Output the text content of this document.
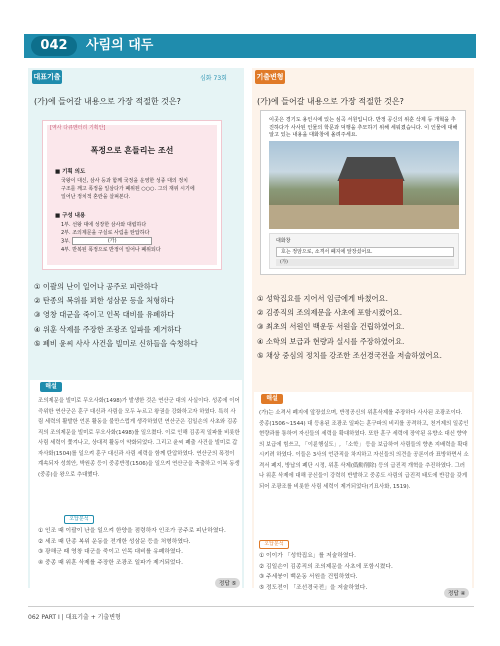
042	사림의 대두
대표기출	심화 73회
(가)에 들어갈 내용으로 가장 적절한 것은?
[역사 다큐멘터리 기획안]
폭정으로 흔들리는 조선
■ 기획 의도
국왕이 대신, 삼사 등과 함께 국정을 운영한 성종 대의 정치
구조를 깨고 폭정을 일삼다가 폐위된 ○○○. 그의 재위 시기에
일어난 정치적 혼란을 살펴본다.
■ 구성 내용
1부. 선왕 대에 성장한 삼사와 대립하다
2부. 조의제문을 구실로 사림을 탄압하다
3부.	(가)
4부. 반복된 폭정으로 반정이 일어나 폐위되다
① 이괄의 난이 일어나 공주로 피란하다
② 탄종의 복위를 꾀한 성삼문 등을 처형하다
③ 영창 대군을 죽이고 인목 대비를 유폐하다
④ 위훈 삭제를 주장한 조광조 일파를 제거하다
⑤ 폐비 윤씨 사사 사건을 빌미로 신하들을 숙청하다
기출변형
(가)에 들어갈 내용으로 가장 적절한 것은?
이곳은 경기도 용인시에 있는 심곡 서원입니다. 반정 공신의 위훈 삭제 등 개혁을 추진하다가 사사된 인물의 학문과 덕행을 추모하기 위해 세워졌습니다. 이 인물에 대해 알고 있는 내용을 대화창에 올려주세요.
대화창
호는 정암으로, 소격서 폐지에 앞장섰어요.
(가)
① 성학집요를 지어서 임금에게 바쳤어요.
② 김종직의 조의제문을 사초에 포함시켰어요.
③ 최초의 서원인 백운동 서원을 건립하였어요.
④ 소학의 보급과 현량과 실시를 주장하였어요.
⑤ 채상 중심의 정치를 강조한 조선경국전을 저술하였어요.
해설
조의제문을 빌미로 무오사화(1498)가 발생한 것은 연산군 대의 사실이다. 성종에 이어 즉위한 연산군은 훈구 대신과 사림을 모두 누르고 왕권을 강화하고자 하였다. 특히 사림 세력의 활발한 언론 활동을 불만스럽게 생각하였던 연산군은 김일손의 사초와 김종직의 조의제문을 빌미로 무오사화(1498)를 일으켰다. 이로 인해 김종직 일파를 비롯한 사림 세력이 쫓겨나고, 상대적 활동이 약화되었다. 그리고 윤씨 폐출 사건을 빌미로 갑자사화(1504)를 일으켜 훈구 대신과 사림 세력을 함께 탄압하였다. 연산군의 폭정이 계속되자 성희안, 박원종 등이 중종반정(1506)을 일으켜 연산군을 축출하고 이복 동생(중종)을 왕으로 추대했다.
오답분석
① 인조 때 이괄이 난을 일으켜 한양을 점령하자 인조가 공주로 피난하였다.
② 세조 때 단종 복위 운동을 전개한 성삼문 등을 처형하였다.
③ 광해군 때 영창 대군을 죽이고 인목 대비를 유폐하였다.
④ 중종 때 위훈 삭제를 주장한 조광조 일파가 제거되었다.
정답 ⑤
해설
(가)는 소격서 폐지에 앞장섰으며, 반정공신의 위훈삭제를 주장하다 사사된 조광조이다. 중종(1506~1544) 대 등용된 조광조 일파는 훈구파의 비리를 공격하고, 천거제의 일종인 현량과를 통하여 자신들의 세력을 확대하였다. 또한 훈구 세력에 장악된 유향소 대신 향약의 보급에 힘쓰고, 「이륜행실도」, 「소학」 등을 보급하여 사림들의 향촌 지배력을 확대시키려 하였다. 이들은 3사의 언관직을 차지하고 자신들의 의견을 공론이라 표방하면서 소격서 폐지, 방납의 폐단 시정, 위훈 삭제(僞勳削除) 등의 급진적 개혁을 추진하였다. 그러나 위훈 삭제에 대해 공신들이 강력히 반발하고 중종도 사림의 급진적 태도에 반감을 갖게 되어 조광조를 비롯한 사림 세력이 제거되었다(기묘사화, 1519).
오답분석
① 이이가 「성학집요」를 저술하였다.
② 김일손이 김종직의 조의제문을 사초에 포함시켰다.
③ 주세붕이 백운동 서원을 건립하였다.
⑤ 정도전이 「조선경국전」을 저술하였다.
정답 ④
062 PART Ⅰ | 대표기출 + 기출변형
